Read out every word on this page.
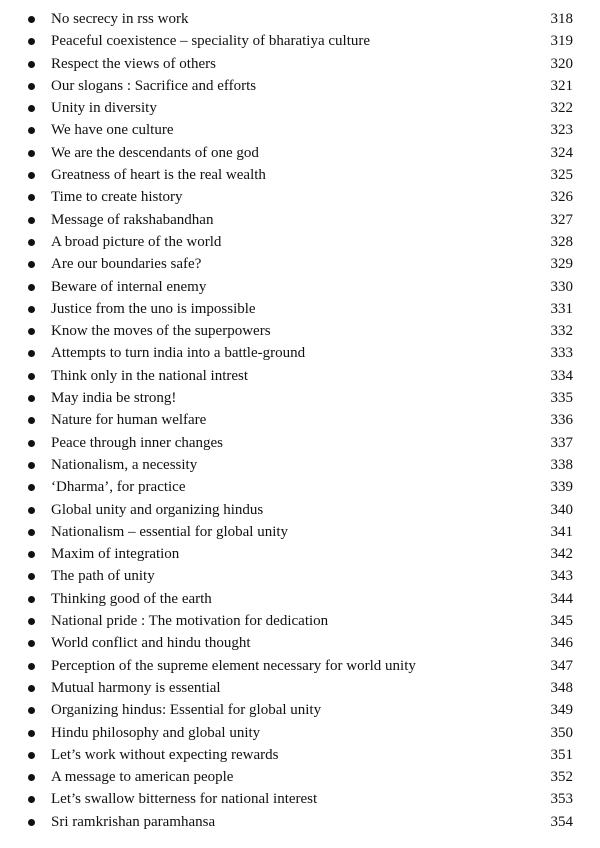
No secrecy in rss work	318
Peaceful coexistence – speciality of bharatiya culture	319
Respect the views of others	320
Our slogans : Sacrifice and efforts	321
Unity in diversity	322
We have one culture	323
We are the descendants of one god	324
Greatness of heart is the real wealth	325
Time to create history	326
Message of rakshabandhan	327
A broad picture of the world	328
Are our boundaries safe?	329
Beware of internal enemy	330
Justice from the uno is impossible	331
Know the moves of the superpowers	332
Attempts to turn india into a battle-ground	333
Think only in the national intrest	334
May india be strong!	335
Nature for human welfare	336
Peace through inner changes	337
Nationalism, a necessity	338
‘Dharma’, for practice	339
Global unity and organizing hindus	340
Nationalism – essential for global unity	341
Maxim of integration	342
The path of unity	343
Thinking good of the earth	344
National pride : The motivation for dedication	345
World conflict and hindu thought	346
Perception of the supreme element necessary for world unity	347
Mutual harmony is essential	348
Organizing hindus: Essential for global unity	349
Hindu philosophy and global unity	350
Let’s work without expecting rewards	351
A message to american people	352
Let’s swallow bitterness for national interest	353
Sri ramkrishan paramhansa	354
